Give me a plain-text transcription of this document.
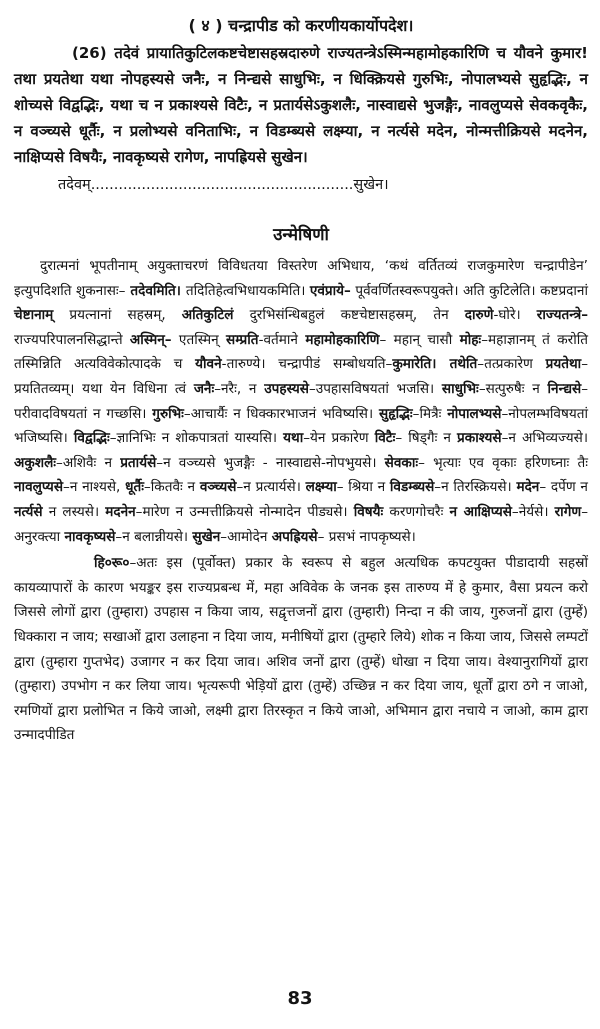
( ४ ) चन्द्रापीड को करणीयकार्योपदेश।
(26) तदेवं प्रायातिकुटिलकष्टचेष्टासहस्रदारुणे राज्यतन्त्रेऽस्मिन्महामोहकारिणि च यौवने कुमार! तथा प्रयतेथा यथा नोपहस्यसे जनैः, न निन्द्यसे साधुभिः, न धिक्क्रियसे गुरुभिः, नोपालभ्यसे सुहृद्भिः, न शोच्यसे विद्वद्भिः, यथा च न प्रकाश्यसे विटैः, न प्रतार्यसेऽकुशलैः, नास्वाद्यसे भुजङ्गैः, नावलुप्यसे सेवकवृकैः, न वञ्च्यसे धूर्तैः, न प्रलोभ्यसे वनिताभिः, न विडम्ब्यसे लक्ष्म्या, न नर्त्यसे मदेन, नोन्मत्तीक्रियसे मदनेन, नाक्षिप्यसे विषयैः, नावकृष्यसे रागेण, नापह्रियसे सुखेन।
तदेवम्.........................................................सुखेन।
उन्मेषिणी
दुरात्मनां भूपतीनाम् अयुक्ताचरणं विविधतया विस्तरेण अभिधाय, ‘कथं वर्तितव्यं राजकुमारेण चन्द्रापीडेन’ इत्युपदिशति शुकनासः– तदेवमिति। तदितिहेत्वभिधायकमिति। एवंप्राये– पूर्ववर्णितस्वरूपयुक्ते। अति कुटिलेति। कष्टप्रदानां चेष्टानाम् प्रयत्नानां सहस्रम्, अतिकुटिलं दुरभिसंन्धिबहुलं कष्टचेष्टासहस्रम्, तेन दारुणे-घोरे। राज्यतन्त्रे–राज्यपरिपालनसिद्धान्ते अस्मिन्– एतस्मिन् सम्प्रति-वर्तमाने महामोहकारिणि– महान् चासौ मोहः–महाज्ञानम् तं करोति तस्मिन्निति अत्यविवेकोत्पादके च यौवने-तारुण्ये। चन्द्रापीडं सम्बोधयति–कुमारेति। तथेति–तत्प्रकारेण प्रयतेथा– प्रयतितव्यम्। यथा येन विधिना त्वं जनैः–नरैः, न उपहस्यसे–उपहासविषयतां भजसि। साधुभिः–सत्पुरुषैः न निन्द्यसे–परीवादविषयतां न गच्छसि। गुरुभिः–आचार्यैः न धिक्कारभाजनं भविष्यसि। सुहृद्भिः–मित्रैः नोपालभ्यसे–नोपलम्भविषयतां भजिष्यसि। विद्वद्भिः–ज्ञानिभिः न शोकपात्रतां यास्यसि। यथा–येन प्रकारेण विटैः– षिड्गैः न प्रकाश्यसे–न अभिव्यज्यसे। अकुशलैः–अशिवैः न प्रतार्यसे–न वञ्च्यसे भुजङ्गैः - नास्वाद्यसे-नोपभुयसे। सेवकाः– भृत्याः एव वृकाः हरिणघ्नाः तैः नावलुप्यसे–न नाश्यसे, धूर्तैः–कितवैः न वञ्च्यसे–न प्रत्यार्यसे। लक्ष्म्या– श्रिया न विडम्ब्यसे–न तिरस्क्रियसे। मदेन– दर्पेण न नर्त्यसे न लस्यसे। मदनेन–मारेण न उन्मत्तीक्रियसे नोन्मादेन पीड्यसे। विषयैः करणगोचरैः न आक्षिप्यसे–नेर्यसे। रागेण–अनुरक्त्या नावकृष्यसे–न बलान्नीयसे। सुखेन–आमोदेन अपह्रियसे– प्रसभं नापकृष्यसे।
हि०रू०–अतः इस (पूर्वोक्त) प्रकार के स्वरूप से बहुल अत्यधिक कपटयुक्त पीडादायी सहस्रों कायव्यापारों के कारण भयङ्कर इस राज्यप्रबन्ध में, महा अविवेक के जनक इस तारुण्य में हे कुमार, वैसा प्रयत्न करो जिससे लोगों द्वारा (तुम्हारा) उपहास न किया जाय, सद्वृत्तजनों द्वारा (तुम्हारी) निन्दा न की जाय, गुरुजनों द्वारा (तुम्हें) धिक्कारा न जाय; सखाओं द्वारा उलाहना न दिया जाय, मनीषियों द्वारा (तुम्हारे लिये) शोक न किया जाय, जिससे लम्पटों द्वारा (तुम्हारा गुप्तभेद) उजागर न कर दिया जाव। अशिव जनों द्वारा (तुम्हें) धोखा न दिया जाय। वेश्यानुरागियों द्वारा (तुम्हारा) उपभोग न कर लिया जाय। भृत्यरूपी भेड़ियों द्वारा (तुम्हें) उच्छिन्न न कर दिया जाय, धूर्तों द्वारा ठगे न जाओ, रमणियों द्वारा प्रलोभित न किये जाओ, लक्ष्मी द्वारा तिरस्कृत न किये जाओ, अभिमान द्वारा नचाये न जाओ, काम द्वारा उन्मादपीडित
83
